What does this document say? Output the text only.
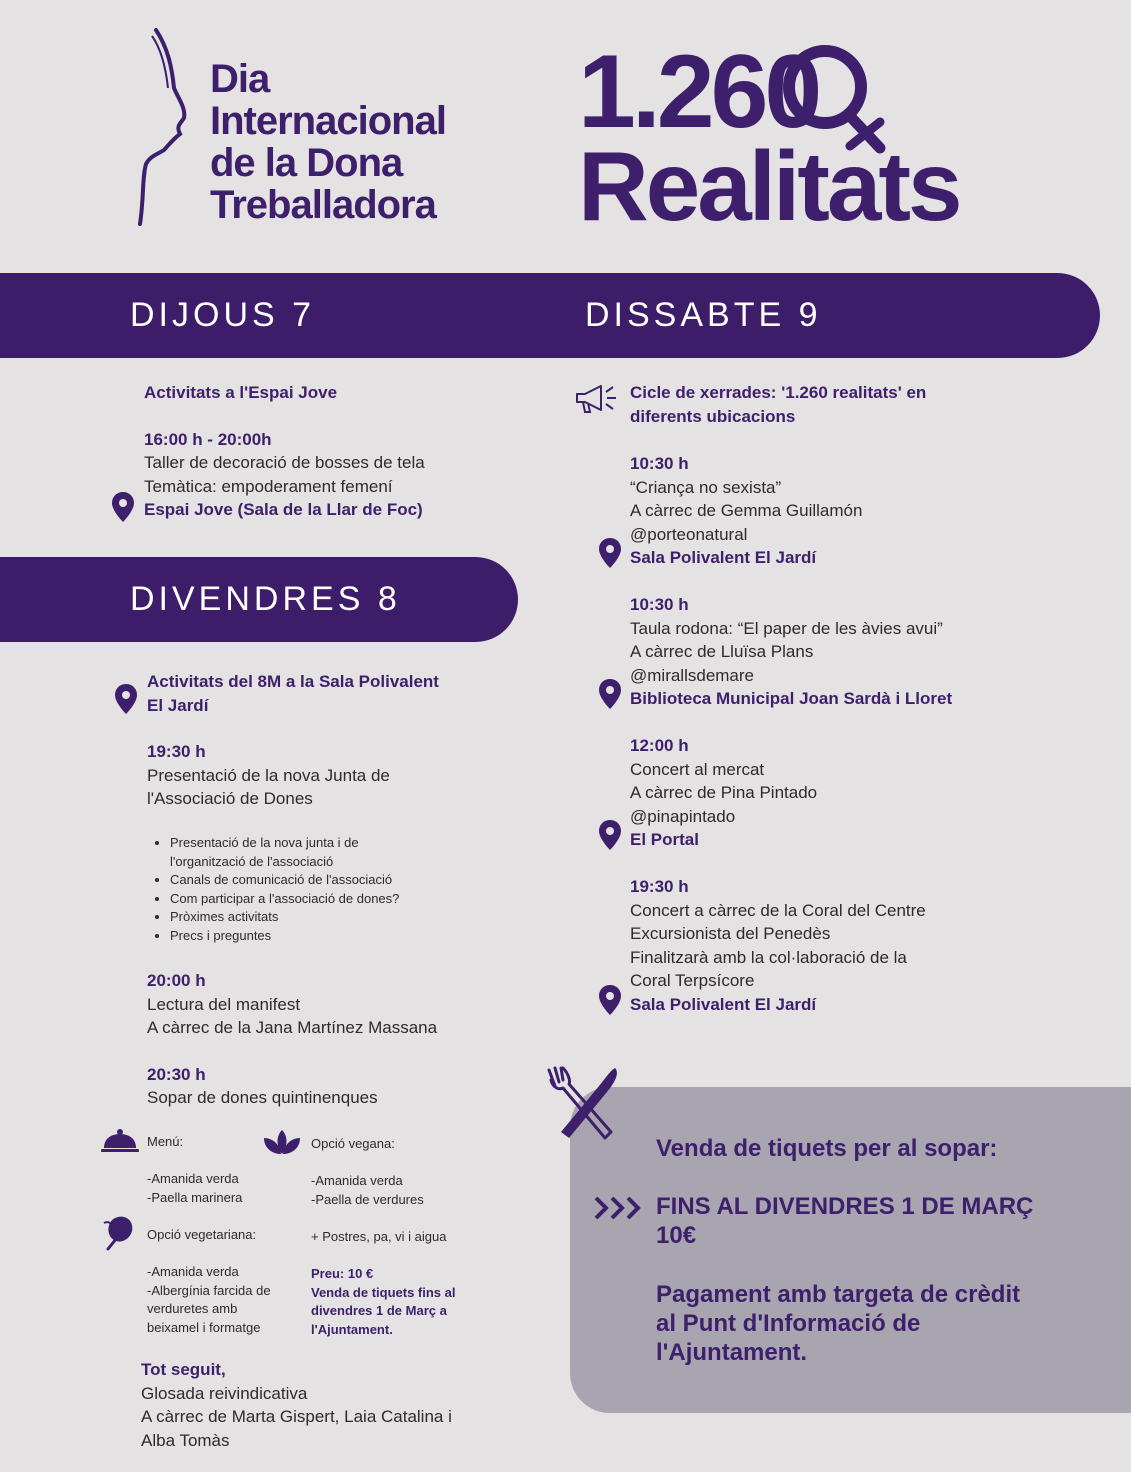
Dia
Internacional
de la Dona
Treballadora
1.260
Realitats
DIJOUS 7	DISSABTE 9
Activitats a l'Espai Jove
16:00 h - 20:00h
Taller de decoració de bosses de tela
Temàtica: empoderament femení
Espai Jove (Sala de la Llar de Foc)
DIVENDRES 8
Activitats del 8M a la Sala Polivalent
El Jardí
19:30 h
Presentació de la nova Junta de
l'Associació de Dones
• Presentació de la nova junta i de
l'organització de l'associació
• Canals de comunicació de l'associació
• Com participar a l'associació de dones?
• Pròximes activitats
• Precs i preguntes
20:00 h
Lectura del manifest
A càrrec de la Jana Martínez Massana
20:30 h
Sopar de dones quintinenques
Menú:
-Amanida verda
-Paella marinera
Opció vegana:
-Amanida verda
-Paella de verdures
Opció vegetariana:
-Amanida verda
-Albergínia farcida de
verduretes amb
beixamel i formatge
+ Postres, pa, vi i aigua
Preu: 10 €
Venda de tiquets fins al
divendres 1 de Març a
l'Ajuntament.
Tot seguit,
Glosada reivindicativa
A càrrec de Marta Gispert, Laia Catalina i
Alba Tomàs
Cicle de xerrades: '1.260 realitats' en
diferents ubicacions
10:30 h
“Criança no sexista”
A càrrec de Gemma Guillamón
@porteonatural
Sala Polivalent El Jardí
10:30 h
Taula rodona: “El paper de les àvies avui”
A càrrec de Lluïsa Plans
@mirallsdemare
Biblioteca Municipal Joan Sardà i Lloret
12:00 h
Concert al mercat
A càrrec de Pina Pintado
@pinapintado
El Portal
19:30 h
Concert a càrrec de la Coral del Centre
Excursionista del Penedès
Finalitzarà amb la col·laboració de la
Coral Terpsícore
Sala Polivalent El Jardí
Venda de tiquets per al sopar:
FINS AL DIVENDRES 1 DE MARÇ
10€
Pagament amb targeta de crèdit
al Punt d'Informació de
l'Ajuntament.
